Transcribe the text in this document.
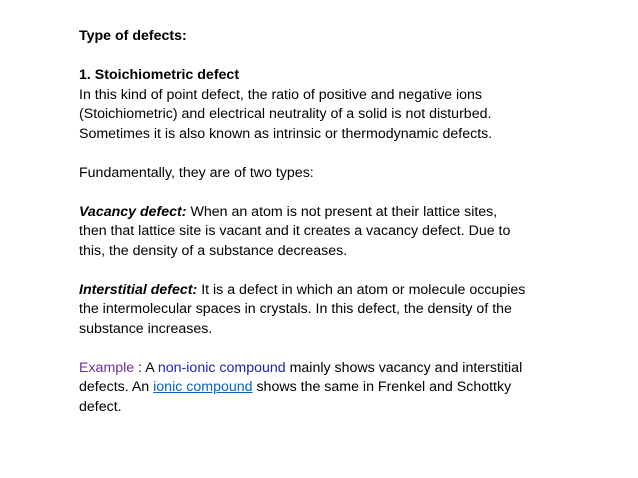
Type of defects:
1. Stoichiometric defect
In this kind of point defect, the ratio of positive and negative ions
(Stoichiometric) and electrical neutrality of a solid is not disturbed.
Sometimes it is also known as intrinsic or thermodynamic defects.
Fundamentally, they are of two types:
Vacancy defect: When an atom is not present at their lattice sites,
then that lattice site is vacant and it creates a vacancy defect. Due to
this, the density of a substance decreases.
Interstitial defect: It is a defect in which an atom or molecule occupies
the intermolecular spaces in crystals. In this defect, the density of the
substance increases.
Example : A non-ionic compound mainly shows vacancy and interstitial
defects. An ionic compound shows the same in Frenkel and Schottky
defect.
